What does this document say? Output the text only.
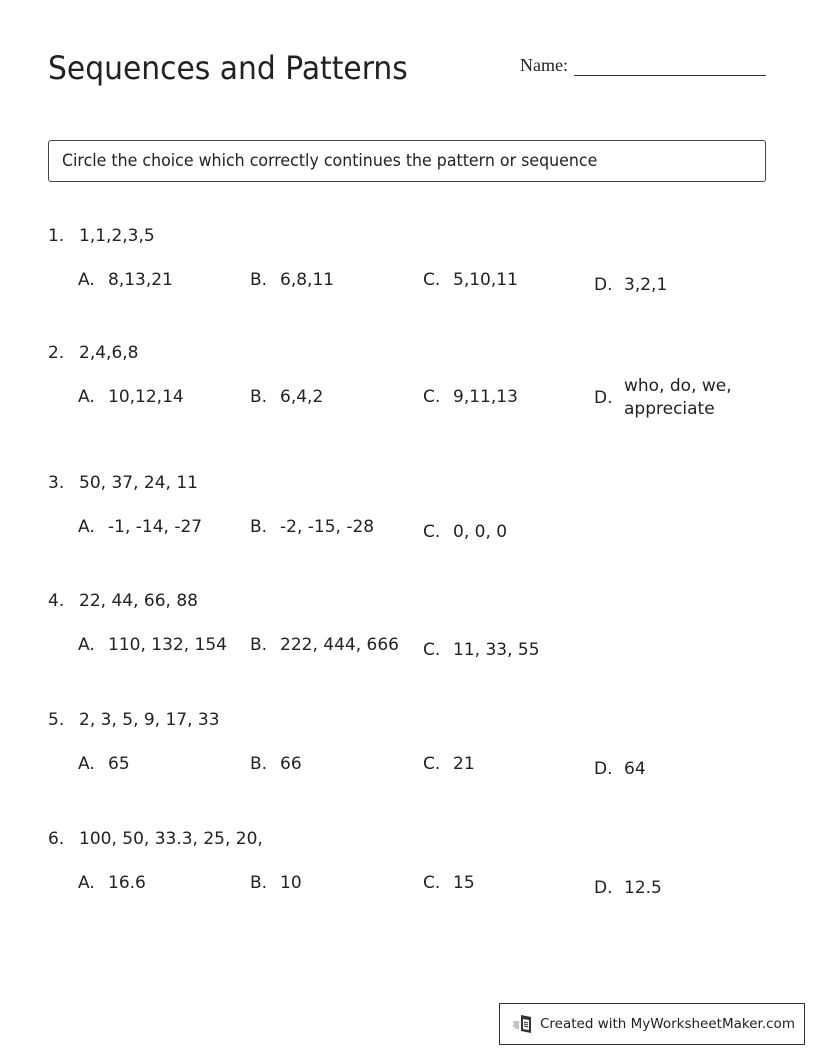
Sequences and Patterns	Name:
Circle the choice which correctly continues the pattern or sequence
1. 1,1,2,3,5
A. 8,13,21	B. 6,8,11	C. 5,10,11	D. 3,2,1
2. 2,4,6,8
A. 10,12,14	B. 6,4,2	C. 9,11,13	D.
who, do, we, appreciate
3. 50, 37, 24, 11
A. -1, -14, -27	B. -2, -15, -28	C. 0, 0, 0
4. 22, 44, 66, 88
A. 110, 132, 154 B. 222, 444, 666 C. 11, 33, 55
5. 2, 3, 5, 9, 17, 33
A. 65	B. 66	C. 21	D. 64
6. 100, 50, 33.3, 25, 20,
A. 16.6	B. 10	C. 15	D. 12.5
Created with MyWorksheetMaker.com
